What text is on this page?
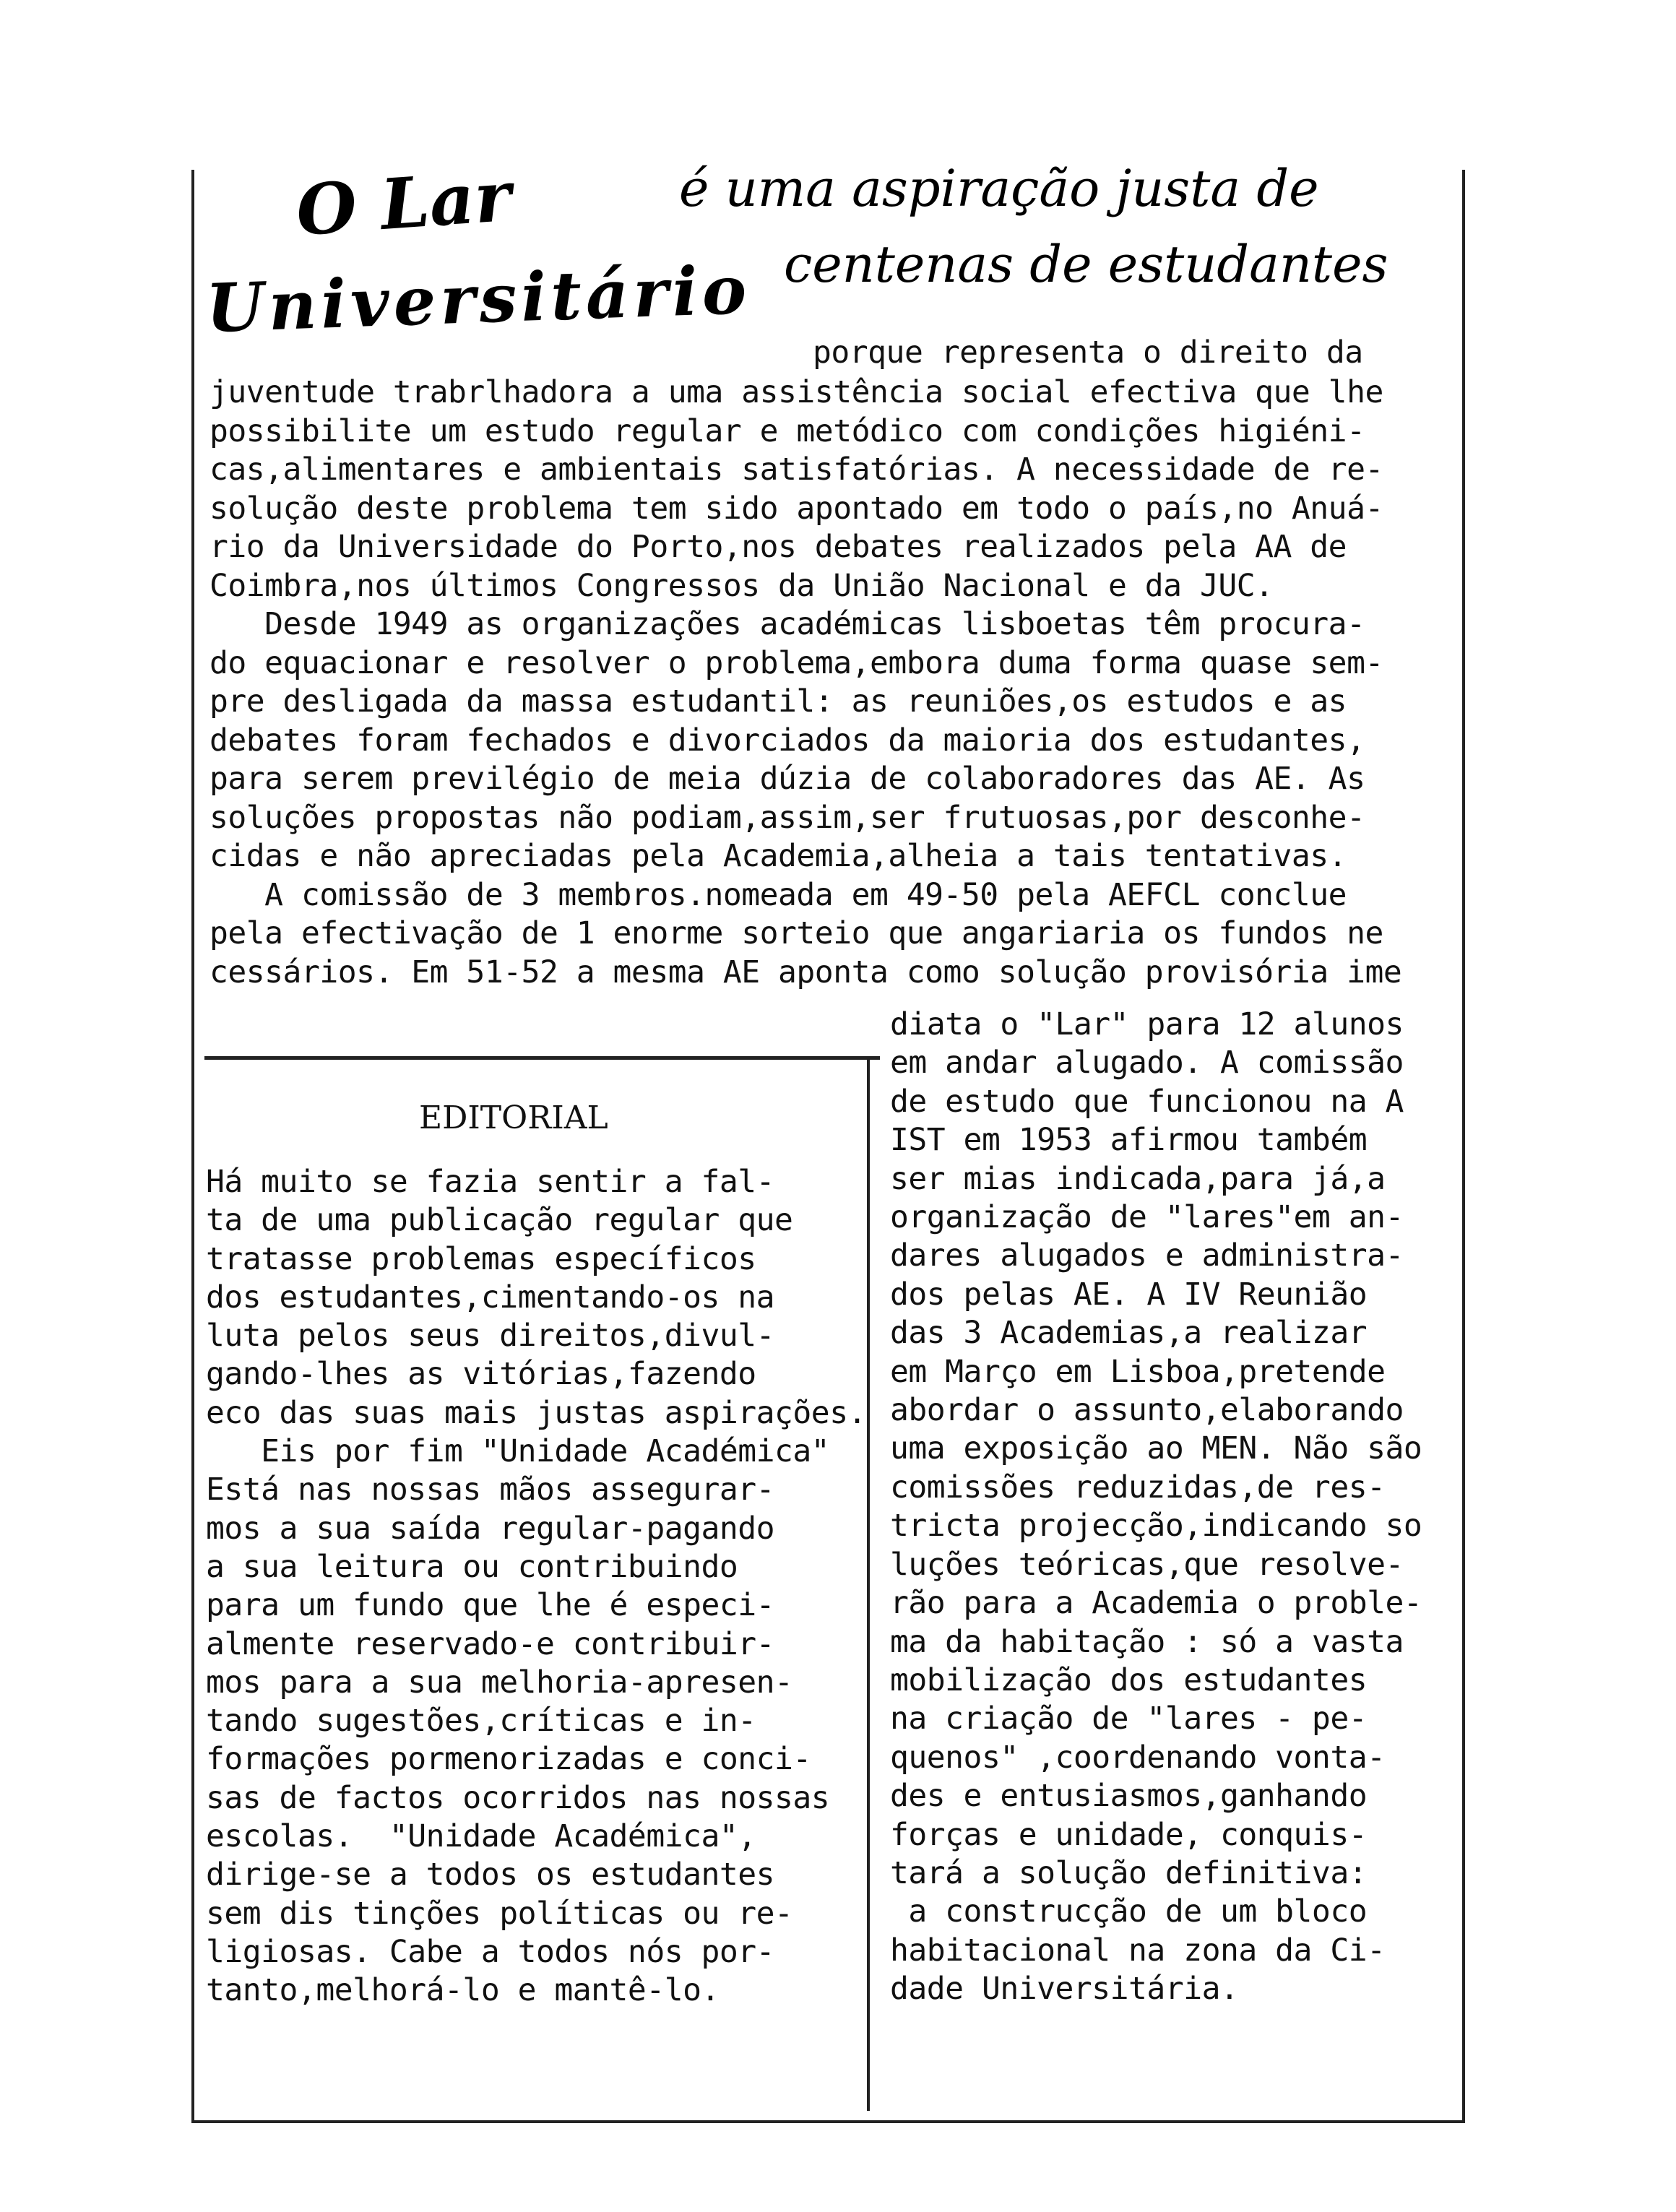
O Lar
Universitário
é uma aspiração justa de
centenas de estudantes
porque representa o direito da
juventude trabrlhadora a uma assistência social efectiva que lhe
possibilite um estudo regular e metódico com condições higiéni-
cas,alimentares e ambientais satisfatórias. A necessidade de re-
solução deste problema tem sido apontado em todo o país,no Anuá-
rio da Universidade do Porto,nos debates realizados pela AA de
Coimbra,nos últimos Congressos da União Nacional e da JUC.
Desde 1949 as organizações académicas lisboetas têm procura-
do equacionar e resolver o problema,embora duma forma quase sem-
pre desligada da massa estudantil: as reuniões,os estudos e as
debates foram fechados e divorciados da maioria dos estudantes,
para serem previlégio de meia dúzia de colaboradores das AE. As
soluções propostas não podiam,assim,ser frutuosas,por desconhe-
cidas e não apreciadas pela Academia,alheia a tais tentativas.
A comissão de 3 membros.nomeada em 49-50 pela AEFCL conclue
pela efectivação de 1 enorme sorteio que angariaria os fundos ne
cessários. Em 51-52 a mesma AE aponta como solução provisória ime
EDITORIAL
Há muito se fazia sentir a fal-
ta de uma publicação regular que
tratasse problemas específicos
dos estudantes,cimentando-os na
luta pelos seus direitos,divul-
gando-lhes as vitórias,fazendo
eco das suas mais justas aspirações.
Eis por fim "Unidade Académica"
Está nas nossas mãos assegurar-
mos a sua saída regular-pagando
a sua leitura ou contribuindo
para um fundo que lhe é especi-
almente reservado-e contribuir-
mos para a sua melhoria-apresen-
tando sugestões,críticas e in-
formações pormenorizadas e conci-
sas de factos ocorridos nas nossas
escolas.  "Unidade Académica",
dirige-se a todos os estudantes
sem dis tinções políticas ou re-
ligiosas. Cabe a todos nós por-
tanto,melhorá-lo e mantê-lo.
diata o "Lar" para 12 alunos
em andar alugado. A comissão
de estudo que funcionou na A
IST em 1953 afirmou também
ser mias indicada,para já,a
organização de "lares"em an-
dares alugados e administra-
dos pelas AE. A IV Reunião
das 3 Academias,a realizar
em Março em Lisboa,pretende
abordar o assunto,elaborando
uma exposição ao MEN. Não são
comissões reduzidas,de res-
tricta projecção,indicando so
luções teóricas,que resolve-
rão para a Academia o proble-
ma da habitação : só a vasta
mobilização dos estudantes
na criação de "lares - pe-
quenos" ,coordenando vonta-
des e entusiasmos,ganhando
forças e unidade, conquis-
tará a solução definitiva:
a construcção de um bloco
habitacional na zona da Ci-
dade Universitária.
